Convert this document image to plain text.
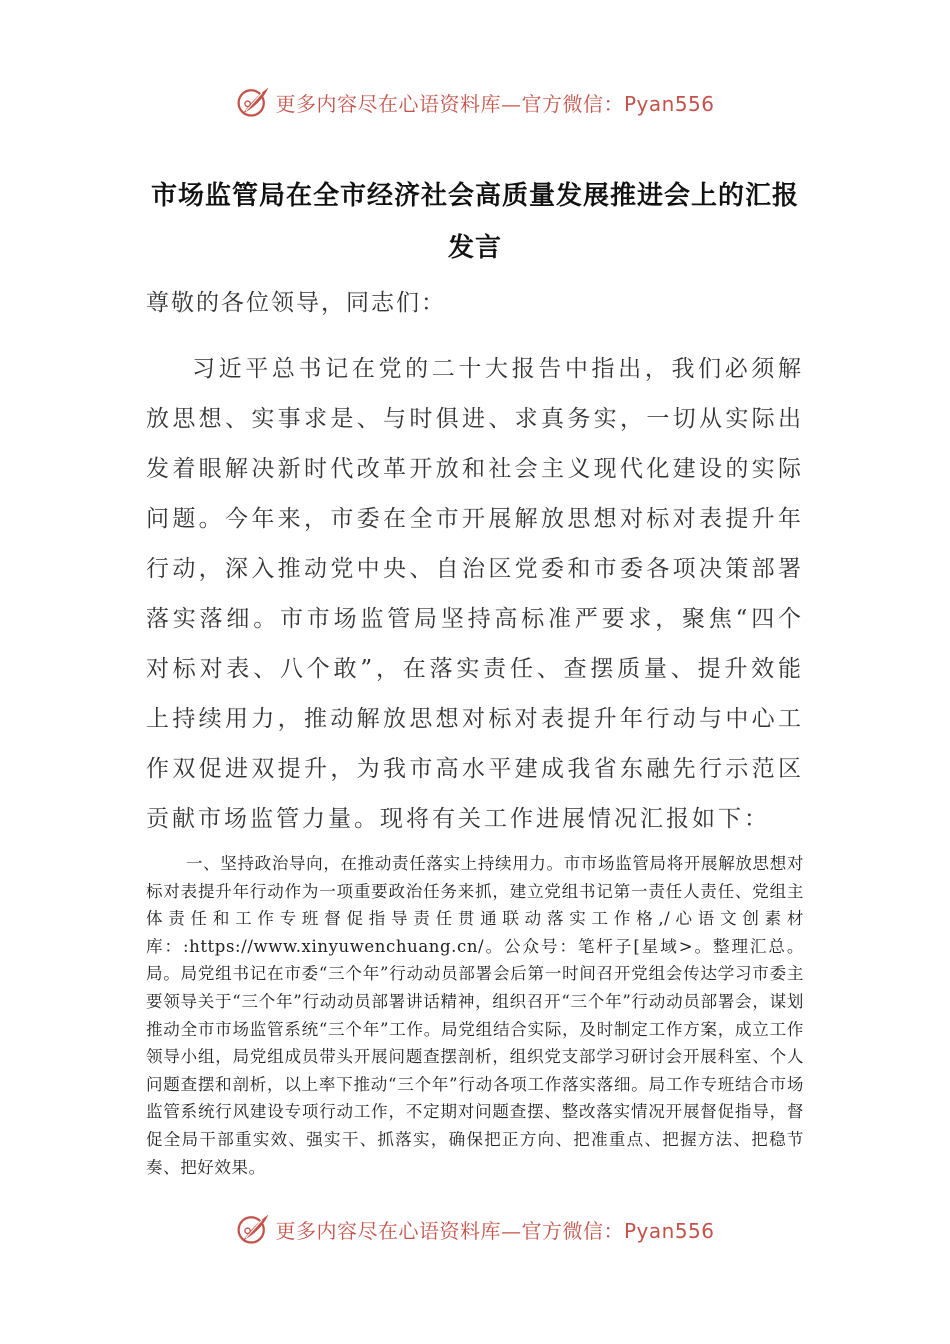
更多内容尽在心语资料库—官方微信：Pyan556
市场监管局在全市经济社会高质量发展推进会上的汇报发言
尊敬的各位领导，同志们：

习近平总书记在党的二十大报告中指出，我们必须解放思想、实事求是、与时俱进、求真务实，一切从实际出发着眼解决新时代改革开放和社会主义现代化建设的实际问题。今年来，市委在全市开展解放思想对标对表提升年行动，深入推动党中央、自治区党委和市委各项决策部署落实落细。市市场监管局坚持高标准严要求，聚焦“四个对标对表、八个敢”，在落实责任、查摆质量、提升效能上持续用力，推动解放思想对标对表提升年行动与中心工作双促进双提升，为我市高水平建成我省东融先行示范区贡献市场监管力量。现将有关工作进展情况汇报如下：

一、坚持政治导向，在推动责任落实上持续用力。市市场监管局将开展解放思想对标对表提升年行动作为一项重要政治任务来抓，建立党组书记第一责任人责任、党组主体责任和工作专班督促指导责任贯通联动落实工作格,/心语文创素材库：:https://www.xinyuwenchuang.cn/。公众号：笔杆子[星域>。整理汇总。局。局党组书记在市委“三个年”行动动员部署会后第一时间召开党组会传达学习市委主要领导关于“三个年”行动动员部署讲话精神，组织召开“三个年”行动动员部署会，谋划推动全市市场监管系统“三个年”工作。局党组结合实际，及时制定工作方案，成立工作领导小组，局党组成员带头开展问题查摆剖析，组织党支部学习研讨会开展科室、个人问题查摆和剖析，以上率下推动“三个年”行动各项工作落实落细。局工作专班结合市场监管系统行风建设专项行动工作，不定期对问题查摆、整改落实情况开展督促指导，督促全局干部重实效、强实干、抓落实，确保把正方向、把准重点、把握方法、把稳节奏、把好效果。

更多内容尽在心语资料库—官方微信：Pyan556
